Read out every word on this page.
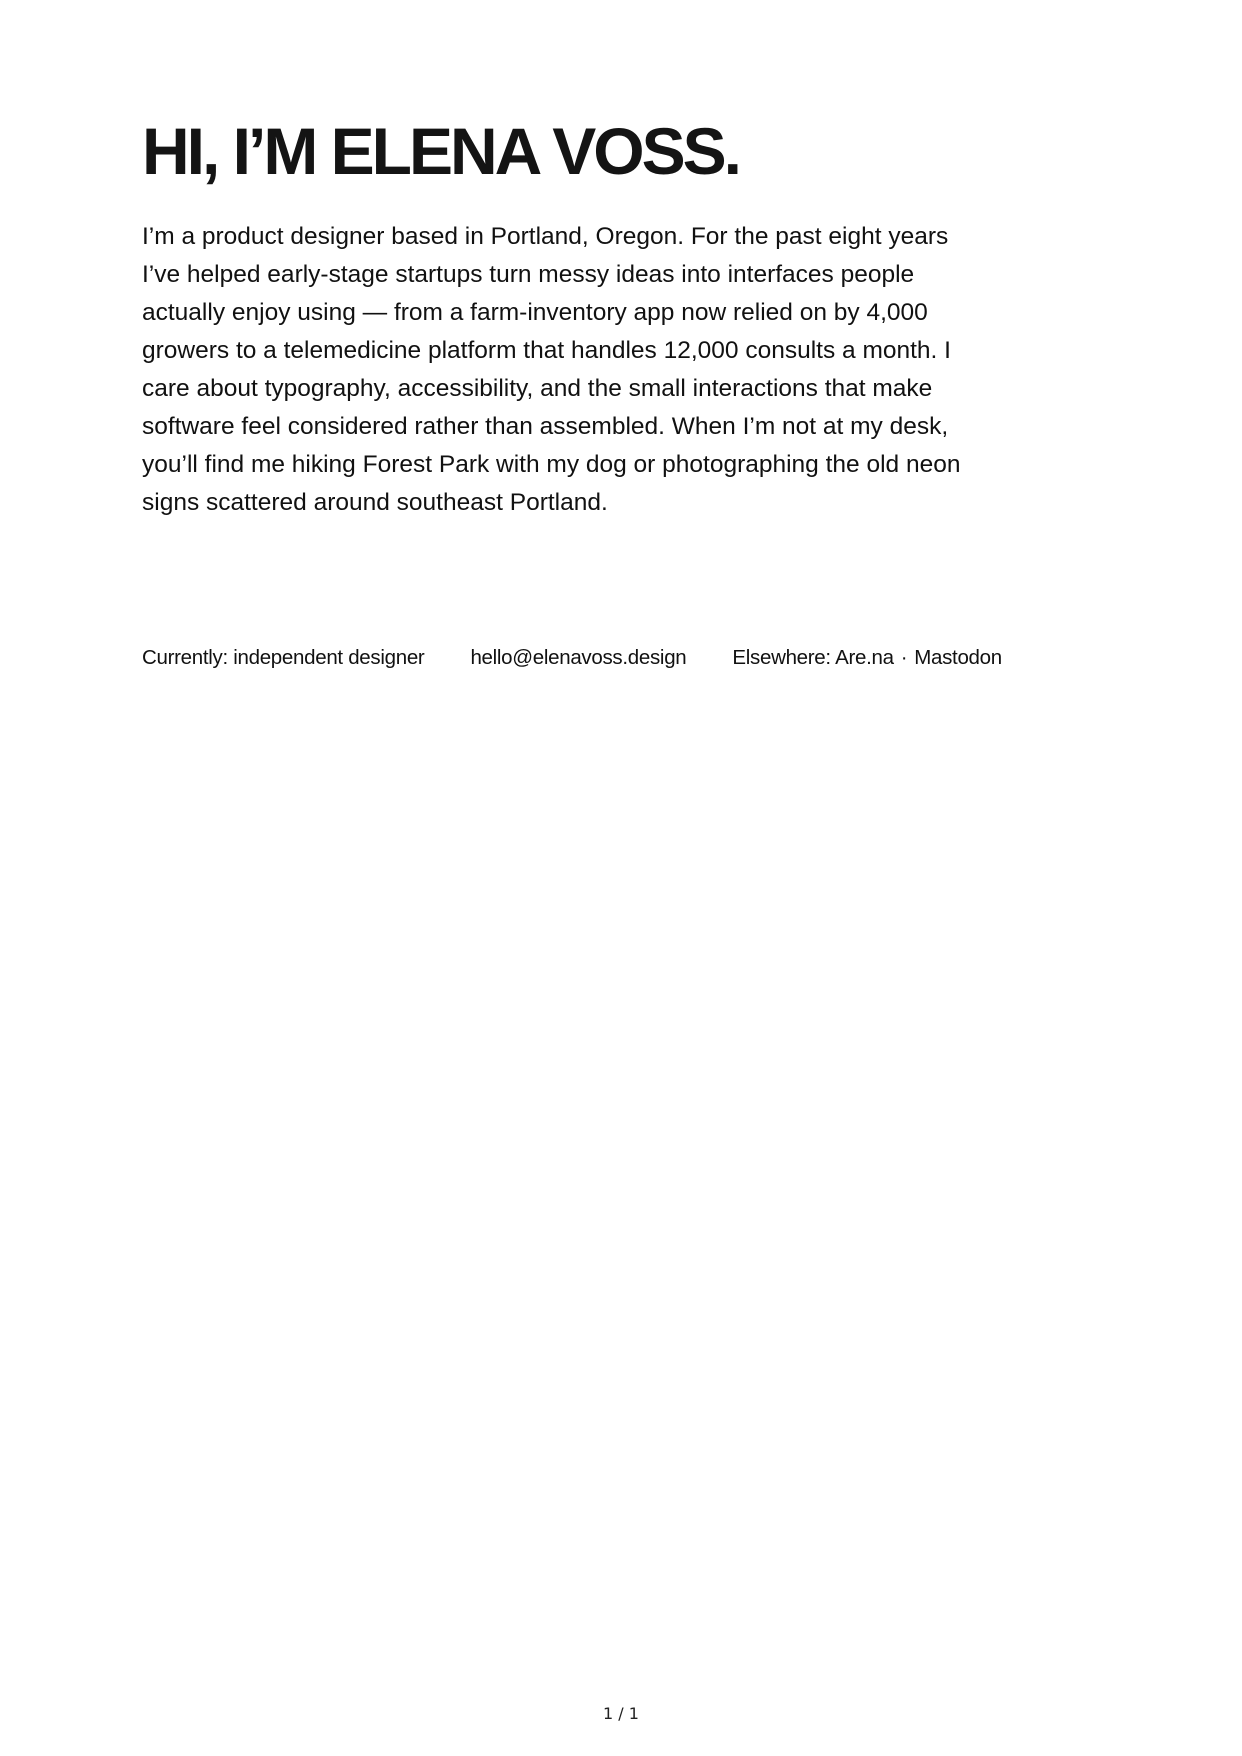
HI, I’M ELENA VOSS.

I’m a product designer based in Portland, Oregon. For the past eight years I’ve helped early-stage startups turn messy ideas into interfaces people actually enjoy using — from a farm-inventory app now relied on by 4,000 growers to a telemedicine platform that handles 12,000 consults a month. I care about typography, accessibility, and the small interactions that make software feel considered rather than assembled. When I’m not at my desk, you’ll find me hiking Forest Park with my dog or photographing the old neon signs scattered around southeast Portland.

Currently: independent designer hello@elenavoss.design Elsewhere: Are.na · Mastodon
1 / 1
